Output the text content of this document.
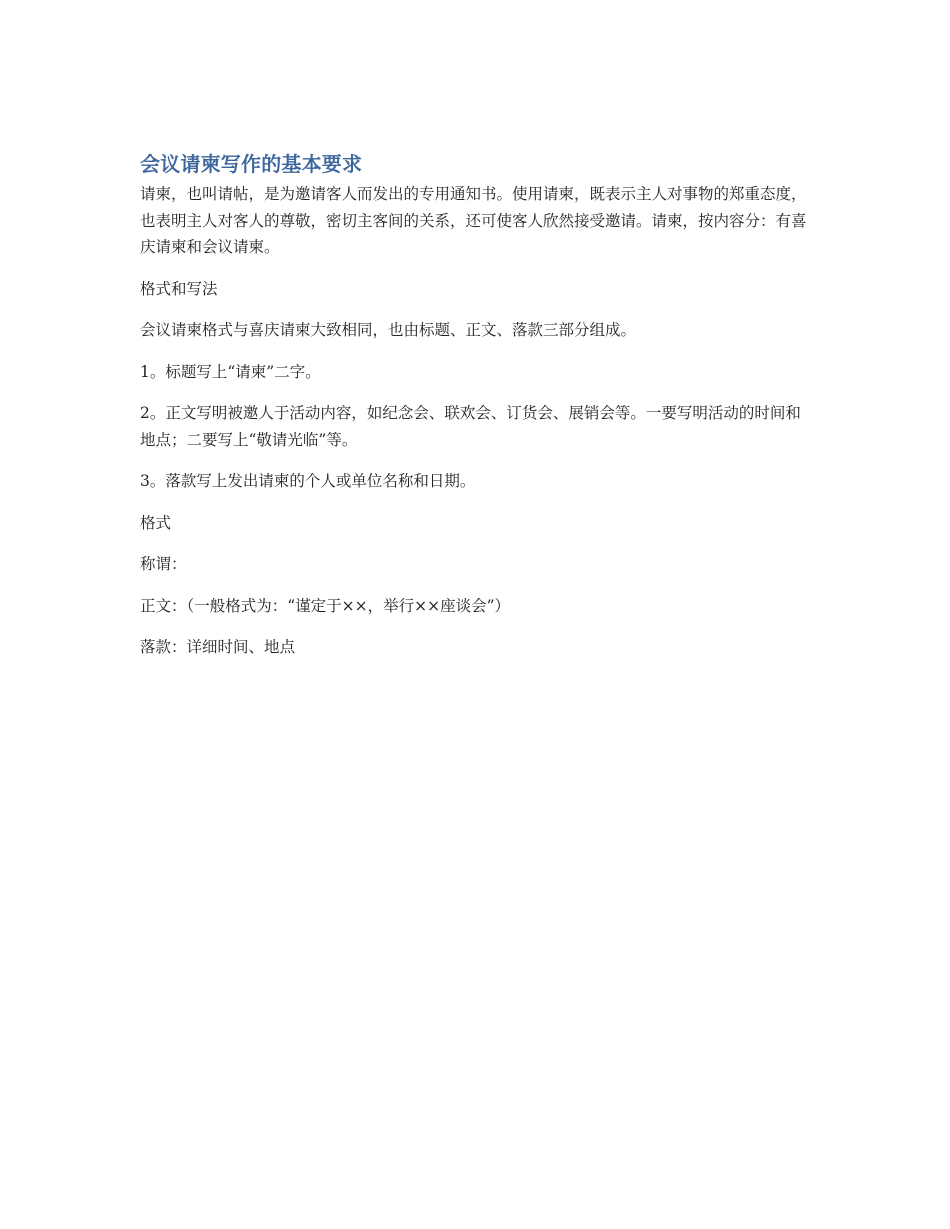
会议请柬写作的基本要求

请柬，也叫请帖，是为邀请客人而发出的专用通知书。使用请柬，既表示主人对事物的郑重态度，也表明主人对客人的尊敬，密切主客间的关系，还可使客人欣然接受邀请。请柬，按内容分：有喜庆请柬和会议请柬。

格式和写法

会议请柬格式与喜庆请柬大致相同，也由标题、正文、落款三部分组成。

1。标题写上“请柬”二字。

2。正文写明被邀人于活动内容，如纪念会、联欢会、订货会、展销会等。一要写明活动的时间和地点；二要写上“敬请光临”等。

3。落款写上发出请柬的个人或单位名称和日期。

格式

称谓：

正文：（一般格式为：“谨定于××，举行××座谈会”）

落款：详细时间、地点
